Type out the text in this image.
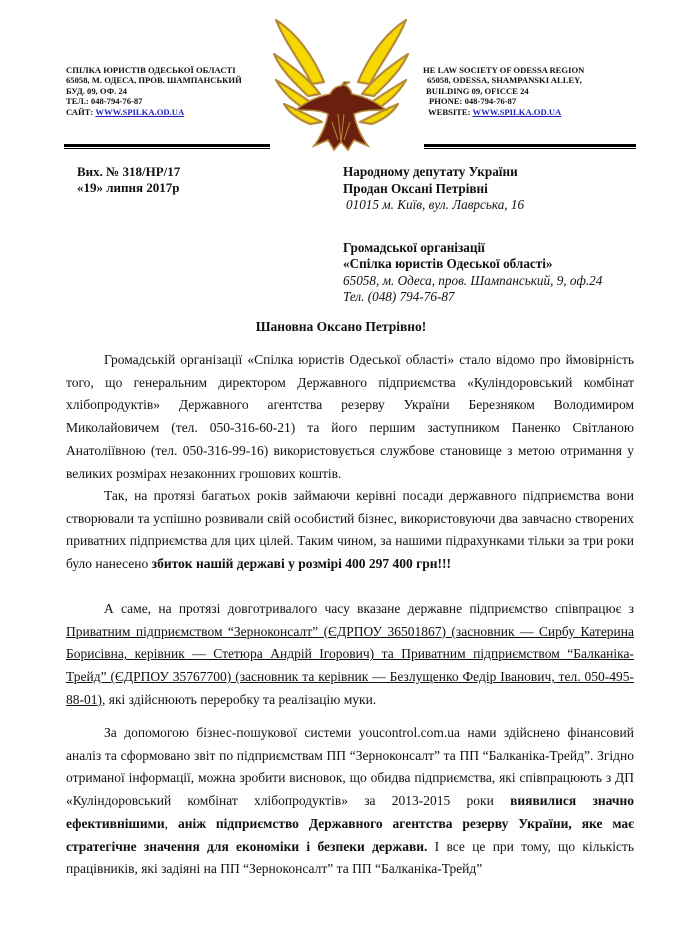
СПІЛКА ЮРИСТІВ ОДЕСЬКОЇ ОБЛАСТІ
65058, М. ОДЕСА, ПРОВ. ШАМПАНСЬКИЙ
БУД. 09, ОФ. 24
ТЕЛ.: 048-794-76-87
САЙТ: WWW.SPILKA.OD.UA
HE LAW SOCIETY OF ODESSA REGION
65058, ODESSA, SHAMPANSKI ALLEY,
BUILDING 09, OFICCE 24
PHONE: 048-794-76-87
WEBSITE: WWW.SPILKA.OD.UA
Вих. № 318/НР/17
«19» липня 2017р
Народному депутату України
Продан Оксані Петрівні
01015 м. Київ, вул. Лаврська, 16
Громадської організації
«Спілка юристів Одеської області»
65058, м. Одеса, пров. Шампанський, 9, оф.24
Тел. (048) 794-76-87
Шановна Оксано Петрівно!

Громадській організації «Спілка юристів Одеської області» стало відомо про ймовірність того, що генеральним директором Державного підприємства «Кулiндоровський комбінат хлібопродуктів» Державного агентства резерву України Березняком Володимиром Миколайовичем (тел. 050-316-60-21) та його першим заступником Паненко Світланою Анатоліївною (тел. 050-316-99-16) використовується службове становище з метою отримання у великих розмірах незаконних грошових коштів.

Так, на протязі багатьох років займаючи керівні посади державного підприємства вони створювали та успішно розвивали свій особистий бізнес, використовуючи два завчасно створених приватних підприємства для цих цілей. Таким чином, за нашими підрахунками тільки за три роки було нанесено збиток нашій державі у розмірі 400 297 400 грн!!!

А саме, на протязі довготривалого часу вказане державне підприємство співпрацює з Приватним підприємством “Зерноконсалт” (ЄДРПОУ 36501867) (засновник — Сирбу Катерина Борисівна, керівник — Стетюра Андрій Ігорович) та Приватним підприємством “Балканіка-Трейд” (ЄДРПОУ 35767700) (засновник та керівник — Безлущенко Федір Іванович, тел. 050-495-88-01), які здійснюють переробку та реалізацію муки.

За допомогою бізнес-пошукової системи youcontrol.com.ua нами здійснено фінансовий аналіз та сформовано звіт по підприємствам ПП “Зерноконсалт” та ПП “Балканіка-Трейд”. Згідно отриманої інформації, можна зробити висновок, що обидва підприємства, які співпрацюють з ДП «Кулiндоровський комбінат хлібопродуктів» за 2013-2015 роки виявилися значно ефективнішими, аніж підприємство Державного агентства резерву України, яке має стратегічне значення для економіки і безпеки держави. І все це при тому, що кількість працівників, які задіяні на ПП “Зерноконсалт” та ПП “Балканіка-Трейд”
